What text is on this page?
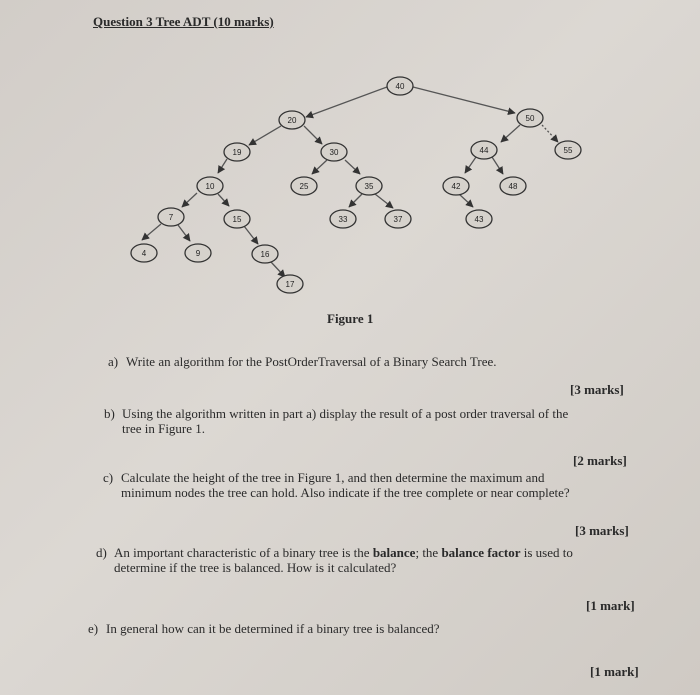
Question 3 Tree ADT (10 marks)
40
20	50
19	30	44	55
10	25	35	42	48
7	15	33	37	43
4	9	16
17
Figure 1
a) Write an algorithm for the PostOrderTraversal of a Binary Search Tree.
[3 marks]
b) Using the algorithm written in part a) display the result of a post order traversal of the
tree in Figure 1.
[2 marks]
c) Calculate the height of the tree in Figure 1, and then determine the maximum and
minimum nodes the tree can hold. Also indicate if the tree complete or near complete?
[3 marks]
d) An important characteristic of a binary tree is the balance; the balance factor is used to
determine if the tree is balanced. How is it calculated?
[1 mark]
e) In general how can it be determined if a binary tree is balanced?
[1 mark]
